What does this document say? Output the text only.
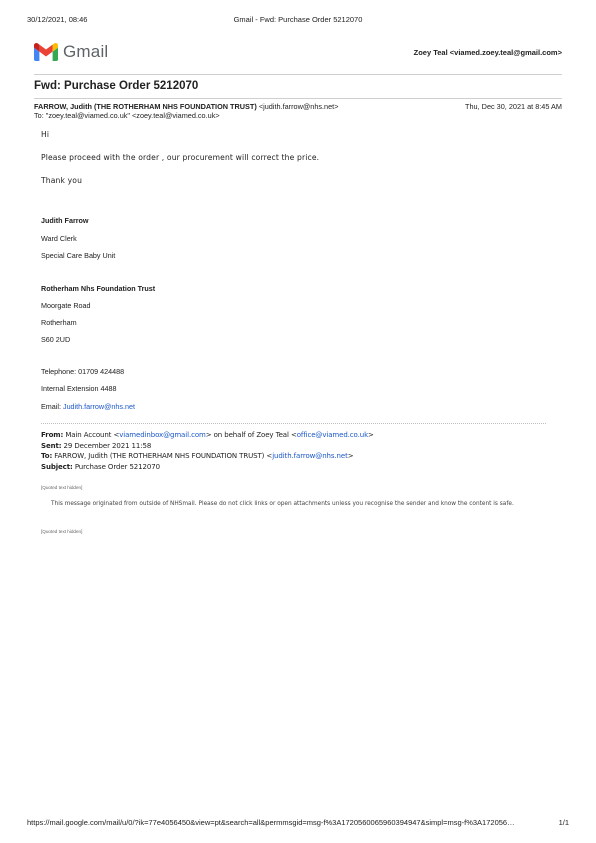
30/12/2021, 08:46	Gmail - Fwd: Purchase Order 5212070
Gmail	Zoey Teal <viamed.zoey.teal@gmail.com>
Fwd: Purchase Order 5212070
FARROW, Judith (THE ROTHERHAM NHS FOUNDATION TRUST) <judith.farrow@nhs.net>	Thu, Dec 30, 2021 at 8:45 AM
To: "zoey.teal@viamed.co.uk" <zoey.teal@viamed.co.uk>
Hi
Please proceed with the order , our procurement will correct the price.
Thank you
Judith Farrow
Ward Clerk
Special Care Baby Unit
Rotherham Nhs Foundation Trust
Moorgate Road
Rotherham
S60 2UD
Telephone: 01709 424488
Internal Extension 4488
Email: Judith.farrow@nhs.net
From: Main Account <viamedinbox@gmail.com> on behalf of Zoey Teal <office@viamed.co.uk>
Sent: 29 December 2021 11:58
To: FARROW, Judith (THE ROTHERHAM NHS FOUNDATION TRUST) <judith.farrow@nhs.net>
Subject: Purchase Order 5212070
[Quoted text hidden]
This message originated from outside of NHSmail. Please do not click links or open attachments unless you recognise the sender and know the content is safe.
[Quoted text hidden]
https://mail.google.com/mail/u/0/?ik=77e4056450&view=pt&search=all&permmsgid=msg-f%3A1720560065960394947&simpl=msg-f%3A172056…	1/1
